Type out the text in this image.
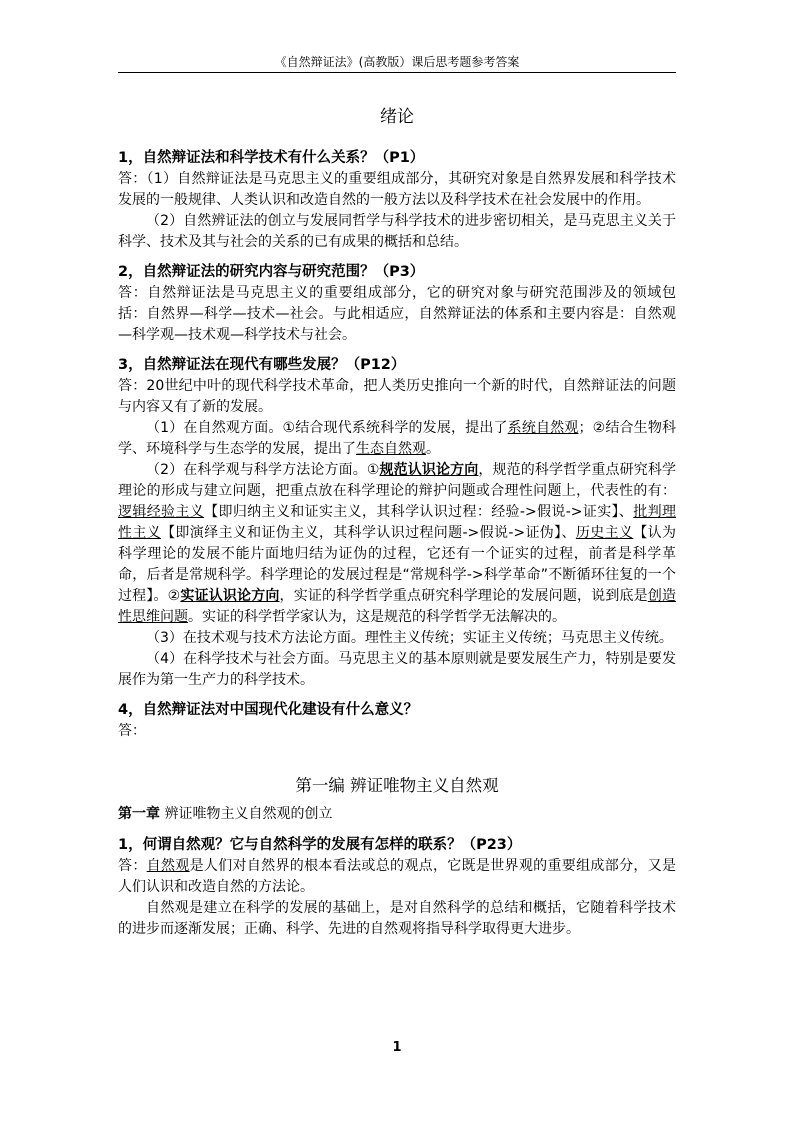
《自然辩证法》(高教版）课后思考题参考答案
绪论
1，自然辩证法和科学技术有什么关系？（P1）

答：（1）自然辩证法是马克思主义的重要组成部分，其研究对象是自然界发展和科学技术发展的一般规律、人类认识和改造自然的一般方法以及科学技术在社会发展中的作用。

（2）自然辨证法的创立与发展同哲学与科学技术的进步密切相关，是马克思主义关于科学、技术及其与社会的关系的已有成果的概括和总结。

2，自然辩证法的研究内容与研究范围？（P3）

答：自然辩证法是马克思主义的重要组成部分，它的研究对象与研究范围涉及的领域包括：自然界—科学—技术—社会。与此相适应，自然辩证法的体系和主要内容是：自然观—科学观—技术观—科学技术与社会。

3，自然辩证法在现代有哪些发展？（P12）

答：20世纪中叶的现代科学技术革命，把人类历史推向一个新的时代，自然辩证法的问题与内容又有了新的发展。

（1）在自然观方面。①结合现代系统科学的发展，提出了系统自然观；②结合生物科学、环境科学与生态学的发展，提出了生态自然观。

（2）在科学观与科学方法论方面。①规范认识论方向，规范的科学哲学重点研究科学理论的形成与建立问题，把重点放在科学理论的辩护问题或合理性问题上，代表性的有：逻辑经验主义【即归纳主义和证实主义，其科学认识过程：经验->假说->证实】、批判理性主义【即演绎主义和证伪主义，其科学认识过程问题->假说->证伪】、历史主义【认为科学理论的发展不能片面地归结为证伪的过程，它还有一个证实的过程，前者是科学革命，后者是常规科学。科学理论的发展过程是“常规科学->科学革命”不断循环往复的一个过程】。②实证认识论方向，实证的科学哲学重点研究科学理论的发展问题，说到底是创造性思维问题。实证的科学哲学家认为，这是规范的科学哲学无法解决的。

（3）在技术观与技术方法论方面。理性主义传统；实证主义传统；马克思主义传统。

（4）在科学技术与社会方面。马克思主义的基本原则就是要发展生产力，特别是要发展作为第一生产力的科学技术。

4，自然辩证法对中国现代化建设有什么意义？

答：

第一编 辨证唯物主义自然观
第一章 辨证唯物主义自然观的创立
1，何谓自然观？它与自然科学的发展有怎样的联系？（P23）

答：自然观是人们对自然界的根本看法或总的观点，它既是世界观的重要组成部分，又是人们认识和改造自然的方法论。

自然观是建立在科学的发展的基础上，是对自然科学的总结和概括，它随着科学技术的进步而逐渐发展；正确、科学、先进的自然观将指导科学取得更大进步。

1
